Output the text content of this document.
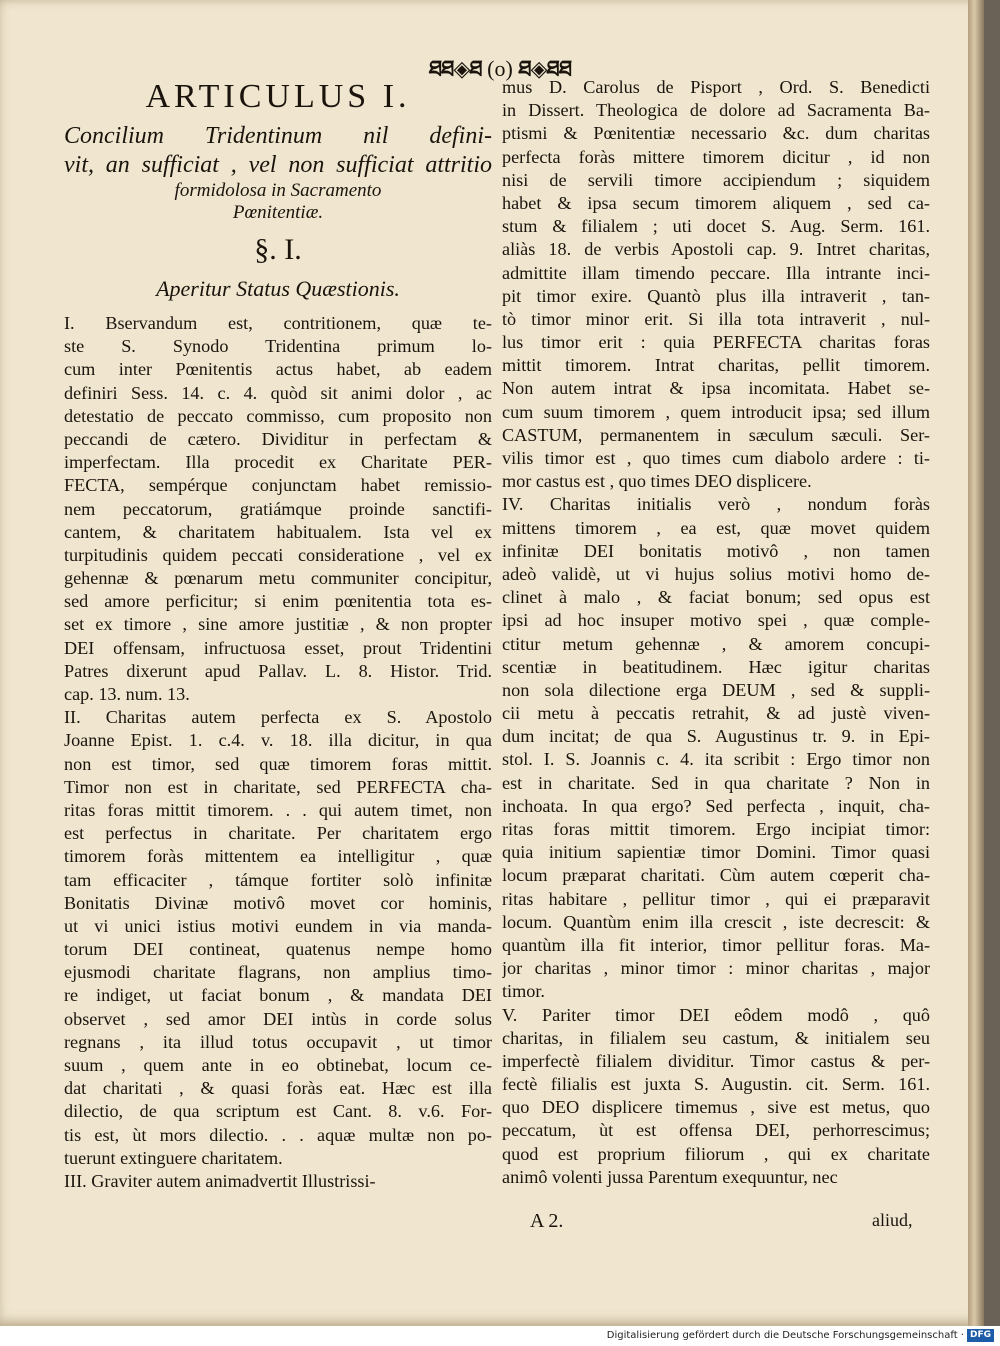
ཐཐ◈ཐ (o) ཐ◈ཐཐ
ARTICULUS I.
Concilium Tridentinum nil defini-
vit, an sufficiat , vel non sufficiat attritio
formidolosa in Sacramento
Pœnitentiæ.
§. I.
Aperitur Status Quæstionis.
I. Bservandum est, contritionem, quæ te-
ste S. Synodo Tridentina primum lo-
cum inter Pœnitentis actus habet, ab eadem
definiri Sess. 14. c. 4. quòd sit animi dolor , ac
detestatio de peccato commisso, cum proposito non
peccandi de cætero. Dividitur in perfectam &
imperfectam. Illa procedit ex Charitate PER-
FECTA, sempérque conjunctam habet remissio-
nem peccatorum, gratiámque proinde sanctifi-
cantem, & charitatem habitualem. Ista vel ex
turpitudinis quidem peccati consideratione , vel ex
gehennæ & pœnarum metu communiter concipitur,
sed amore perficitur; si enim pœnitentia tota es-
set ex timore , sine amore justitiæ , & non propter
DEI offensam, infructuosa esset, prout Tridentini
Patres dixerunt apud Pallav. L. 8. Histor. Trid.
cap. 13. num. 13.
II. Charitas autem perfecta ex S. Apostolo
Joanne Epist. 1. c.4. v. 18. illa dicitur, in qua
non est timor, sed quæ timorem foras mittit.
Timor non est in charitate, sed PERFECTA cha-
ritas foras mittit timorem. . . qui autem timet, non
est perfectus in charitate. Per charitatem ergo
timorem foràs mittentem ea intelligitur , quæ
tam efficaciter , támque fortiter solò infinitæ
Bonitatis Divinæ motivô movet cor hominis,
ut vi unici istius motivi eundem in via manda-
torum DEI contineat, quatenus nempe homo
ejusmodi charitate flagrans, non amplius timo-
re indiget, ut faciat bonum , & mandata DEI
observet , sed amor DEI intùs in corde solus
regnans , ita illud totus occupavit , ut timor
suum , quem ante in eo obtinebat, locum ce-
dat charitati , & quasi foràs eat. Hæc est illa
dilectio, de qua scriptum est Cant. 8. v.6. For-
tis est, ùt mors dilectio. . . aquæ multæ non po-
tuerunt extinguere charitatem.
III. Graviter autem animadvertit Illustrissi-
mus D. Carolus de Pisport , Ord. S. Benedicti
in Dissert. Theologica de dolore ad Sacramenta Ba-
ptismi & Pœnitentiæ necessario &c. dum charitas
perfecta foràs mittere timorem dicitur , id non
nisi de servili timore accipiendum ; siquidem
habet & ipsa secum timorem aliquem , sed ca-
stum & filialem ; uti docet S. Aug. Serm. 161.
aliàs 18. de verbis Apostoli cap. 9. Intret charitas,
admittite illam timendo peccare. Illa intrante inci-
pit timor exire. Quantò plus illa intraverit , tan-
tò timor minor erit. Si illa tota intraverit , nul-
lus timor erit : quia PERFECTA charitas foras
mittit timorem. Intrat charitas, pellit timorem.
Non autem intrat & ipsa incomitata. Habet se-
cum suum timorem , quem introducit ipsa; sed illum
CASTUM, permanentem in sæculum sæculi. Ser-
vilis timor est , quo times cum diabolo ardere : ti-
mor castus est , quo times DEO displicere.
IV. Charitas initialis verò , nondum foràs
mittens timorem , ea est, quæ movet quidem
infinitæ DEI bonitatis motivô , non tamen
adeò validè, ut vi hujus solius motivi homo de-
clinet à malo , & faciat bonum; sed opus est
ipsi ad hoc insuper motivo spei , quæ comple-
ctitur metum gehennæ , & amorem concupi-
scentiæ in beatitudinem. Hæc igitur charitas
non sola dilectione erga DEUM , sed & suppli-
cii metu à peccatis retrahit, & ad justè viven-
dum incitat; de qua S. Augustinus tr. 9. in Epi-
stol. I. S. Joannis c. 4. ita scribit : Ergo timor non
est in charitate. Sed in qua charitate ? Non in
inchoata. In qua ergo? Sed perfecta , inquit, cha-
ritas foras mittit timorem. Ergo incipiat timor:
quia initium sapientiæ timor Domini. Timor quasi
locum præparat charitati. Cùm autem cœperit cha-
ritas habitare , pellitur timor , qui ei præparavit
locum. Quantùm enim illa crescit , iste decrescit: &
quantùm illa fit interior, timor pellitur foras. Ma-
jor charitas , minor timor : minor charitas , major
timor.
V. Pariter timor DEI eôdem modô , quô
charitas, in filialem seu castum, & initialem seu
imperfectè filialem dividitur. Timor castus & per-
fectè filialis est juxta S. Augustin. cit. Serm. 161.
quo DEO displicere timemus , sive est metus, quo
peccatum, ùt est offensa DEI, perhorrescimus;
quod est proprium filiorum , qui ex charitate
animô volenti jussa Parentum exequuntur, nec
A 2.	aliud,
Digitalisierung gefördert durch die Deutsche Forschungsgemeinschaft · DFG
